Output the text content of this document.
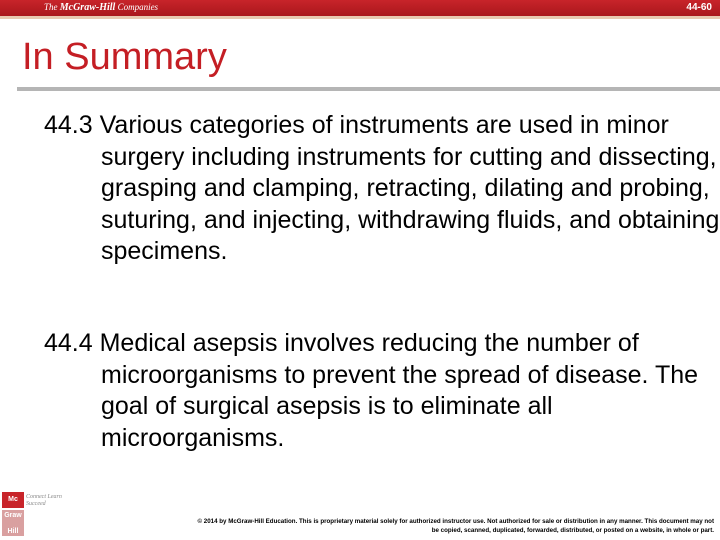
The McGraw-Hill Companies	44-60
In Summary

44.3 Various categories of instruments are used in minor surgery including instruments for cutting and dissecting, grasping and clamping, retracting, dilating and probing, suturing, and injecting, withdrawing fluids, and obtaining specimens.

44.4 Medical asepsis involves reducing the number of microorganisms to prevent the spread of disease. The goal of surgical asepsis is to eliminate all microorganisms.

Mc Graw Hill
Connect Learn Succeed
© 2014 by McGraw-Hill Education. This is proprietary material solely for authorized instructor use. Not authorized for sale or distribution in any manner. This document may not be copied, scanned, duplicated, forwarded, distributed, or posted on a website, in whole or part.
